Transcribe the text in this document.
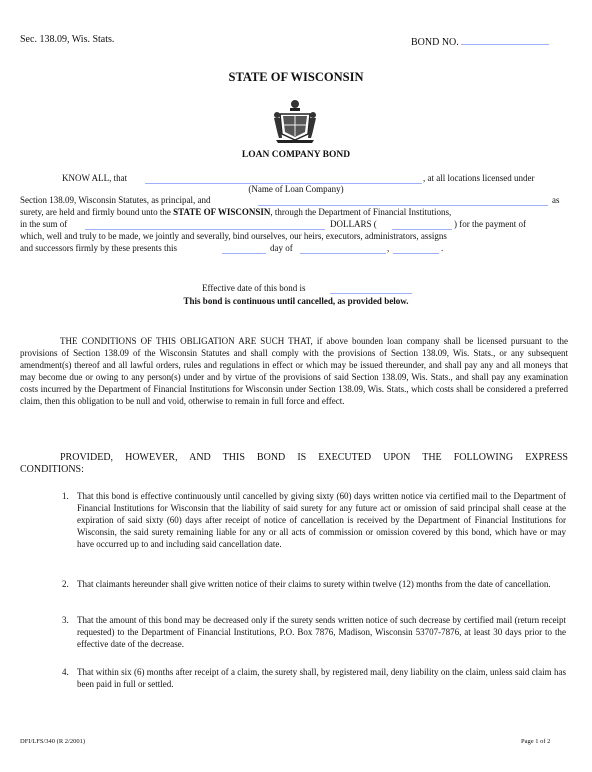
Sec. 138.09, Wis. Stats.	BOND NO.
STATE OF WISCONSIN
LOAN COMPANY BOND
KNOW ALL, that	, at all locations licensed under
(Name of Loan Company)
Section 138.09, Wisconsin Statutes, as principal, and	as
surety, are held and firmly bound unto the STATE OF WISCONSIN, through the Department of Financial Institutions,
in the sum of	DOLLARS (	) for the payment of
which, well and truly to be made, we jointly and severally, bind ourselves, our heirs, executors, administrators, assigns
and successors firmly by these presents this	day of	,	.
Effective date of this bond is
This bond is continuous until cancelled, as provided below.
THE CONDITIONS OF THIS OBLIGATION ARE SUCH THAT, if above bounden loan company shall be licensed pursuant to the provisions of Section 138.09 of the Wisconsin Statutes and shall comply with the provisions of Section 138.09, Wis. Stats., or any subsequent amendment(s) thereof and all lawful orders, rules and regulations in effect or which may be issued thereunder, and shall pay any and all moneys that may become due or owing to any person(s) under and by virtue of the provisions of said Section 138.09, Wis. Stats., and shall pay any examination costs incurred by the Department of Financial Institutions for Wisconsin under Section 138.09, Wis. Stats., which costs shall be considered a preferred claim, then this obligation to be null and void, otherwise to remain in full force and effect.
PROVIDED, HOWEVER, AND THIS BOND IS EXECUTED UPON THE FOLLOWING EXPRESS
CONDITIONS:
1. That this bond is effective continuously until cancelled by giving sixty (60) days written notice via certified mail to the Department of Financial Institutions for Wisconsin that the liability of said surety for any future act or omission of said principal shall cease at the expiration of said sixty (60) days after receipt of notice of cancellation is received by the Department of Financial Institutions for Wisconsin, the said surety remaining liable for any or all acts of commission or omission covered by this bond, which have or may have occurred up to and including said cancellation date.
2. That claimants hereunder shall give written notice of their claims to surety within twelve (12) months from the date of cancellation.
3. That the amount of this bond may be decreased only if the surety sends written notice of such decrease by certified mail (return receipt requested) to the Department of Financial Institutions, P.O. Box 7876, Madison, Wisconsin 53707-7876, at least 30 days prior to the effective date of the decrease.
4. That within six (6) months after receipt of a claim, the surety shall, by registered mail, deny liability on the claim, unless said claim has been paid in full or settled.
DFI/LFS/340 (R 2/2001)	Page 1 of 2
